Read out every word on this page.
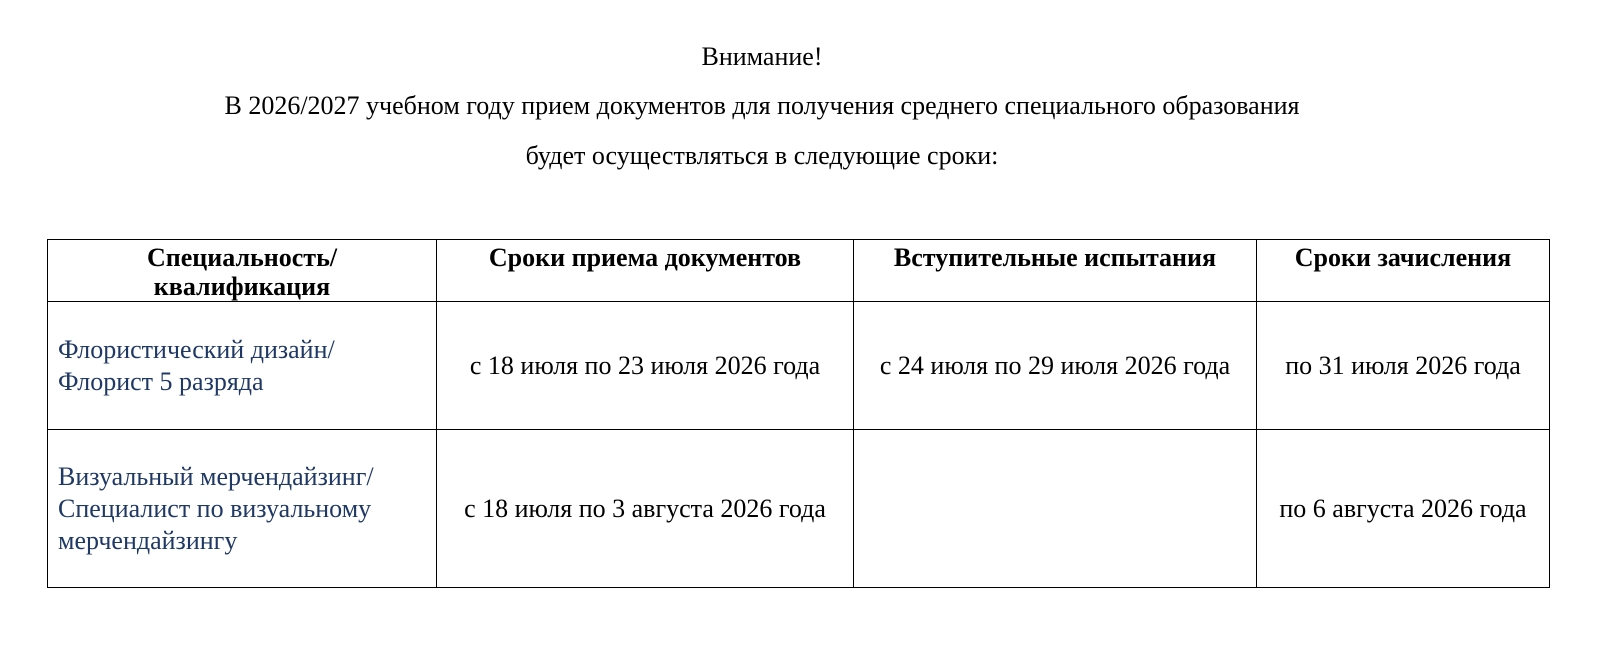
Внимание!
В 2026/2027 учебном году прием документов для получения среднего специального образования
будет осуществляться в следующие сроки:
Специальность/
квалификация	Сроки приема документов	Вступительные испытания	Сроки зачисления

Флористический дизайн/
Флорист 5 разряда	с 18 июля по 23 июля 2026 года	с 24 июля по 29 июля 2026 года	по 31 июля 2026 года

Визуальный мерчендайзинг/
Специалист по визуальному
мерчендайзингу	с 18 июля по 3 августа 2026 года		по 6 августа 2026 года
